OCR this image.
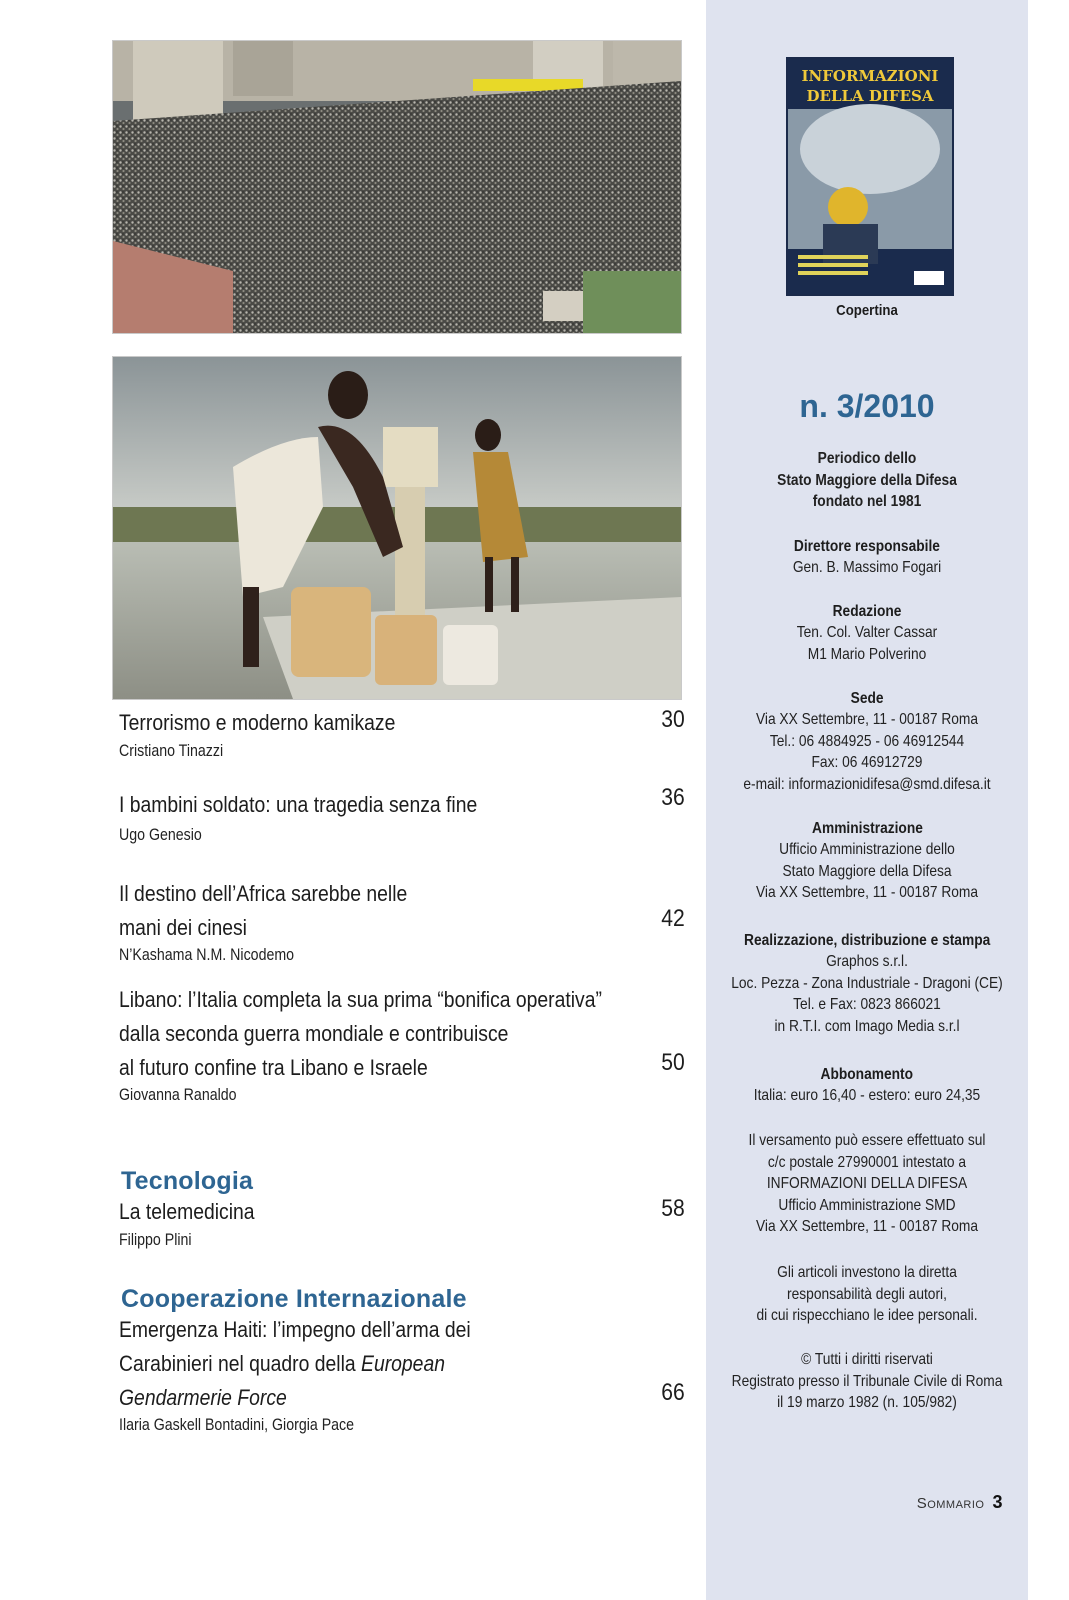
Terrorismo e moderno kamikaze
Cristiano Tinazzi
30
I bambini soldato: una tragedia senza fine
Ugo Genesio
36
Il destino dell’Africa sarebbe nelle
mani dei cinesi
N’Kashama N.M. Nicodemo
42
Libano: l’Italia completa la sua prima “bonifica operativa”
dalla seconda guerra mondiale e contribuisce
al futuro confine tra Libano e Israele
Giovanna Ranaldo
50
Tecnologia
La telemedicina
Filippo Plini
58
Cooperazione Internazionale
Emergenza Haiti: l’impegno dell’arma dei
Carabinieri nel quadro della European
Gendarmerie Force
Ilaria Gaskell Bontadini, Giorgia Pace
66
INFORMAZIONI
DELLA DIFESA
Copertina
n. 3/2010
Periodico dello
Stato Maggiore della Difesa
fondato nel 1981
Direttore responsabile
Gen. B. Massimo Fogari
Redazione
Ten. Col. Valter Cassar
M1 Mario Polverino
Sede
Via XX Settembre, 11 - 00187 Roma
Tel.: 06 4884925 - 06 46912544
Fax: 06 46912729
e-mail: informazionidifesa@smd.difesa.it
Amministrazione
Ufficio Amministrazione dello
Stato Maggiore della Difesa
Via XX Settembre, 11 - 00187 Roma
Realizzazione, distribuzione e stampa
Graphos s.r.l.
Loc. Pezza - Zona Industriale - Dragoni (CE)
Tel. e Fax: 0823 866021
in R.T.I. com Imago Media s.r.l
Abbonamento
Italia: euro 16,40 - estero: euro 24,35
Il versamento può essere effettuato sul
c/c postale 27990001 intestato a
INFORMAZIONI DELLA DIFESA
Ufficio Amministrazione SMD
Via XX Settembre, 11 - 00187 Roma
Gli articoli investono la diretta
responsabilità degli autori,
di cui rispecchiano le idee personali.
© Tutti i diritti riservati
Registrato presso il Tribunale Civile di Roma
il 19 marzo 1982 (n. 105/982)
Sommario 3
